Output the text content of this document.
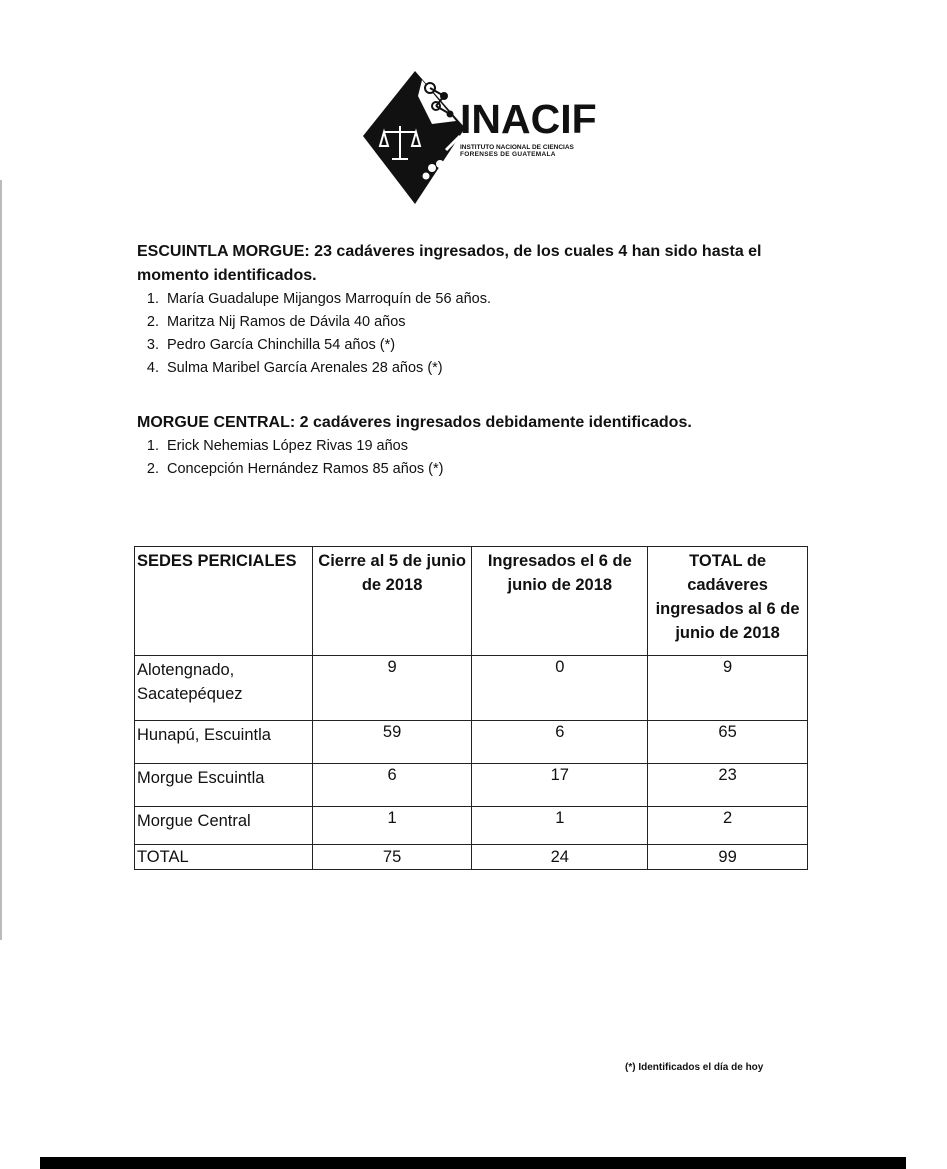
INACIF
INSTITUTO NACIONAL DE CIENCIAS
FORENSES DE GUATEMALA

ESCUINTLA MORGUE: 23 cadáveres ingresados, de los cuales 4 han sido hasta el momento identificados.

1. María Guadalupe Mijangos Marroquín de 56 años.
2. Maritza Nij Ramos de Dávila 40 años
3. Pedro García Chinchilla 54 años (*)
4. Sulma Maribel García Arenales 28 años (*)

MORGUE CENTRAL: 2 cadáveres ingresados debidamente identificados.

1. Erick Nehemias López Rivas 19 años
2. Concepción Hernández Ramos 85 años (*)
SEDES PERICIALES	Cierre al 5 de junio de 2018	Ingresados el 6 de junio de 2018	TOTAL de cadáveres ingresados al 6 de junio de 2018
Alotengnado, Sacatepéquez	9	0	9
Hunapú, Escuintla	59	6	65
Morgue Escuintla	6	17	23
Morgue Central	1	1	2
TOTAL	75	24	99
(*) Identificados el día de hoy
